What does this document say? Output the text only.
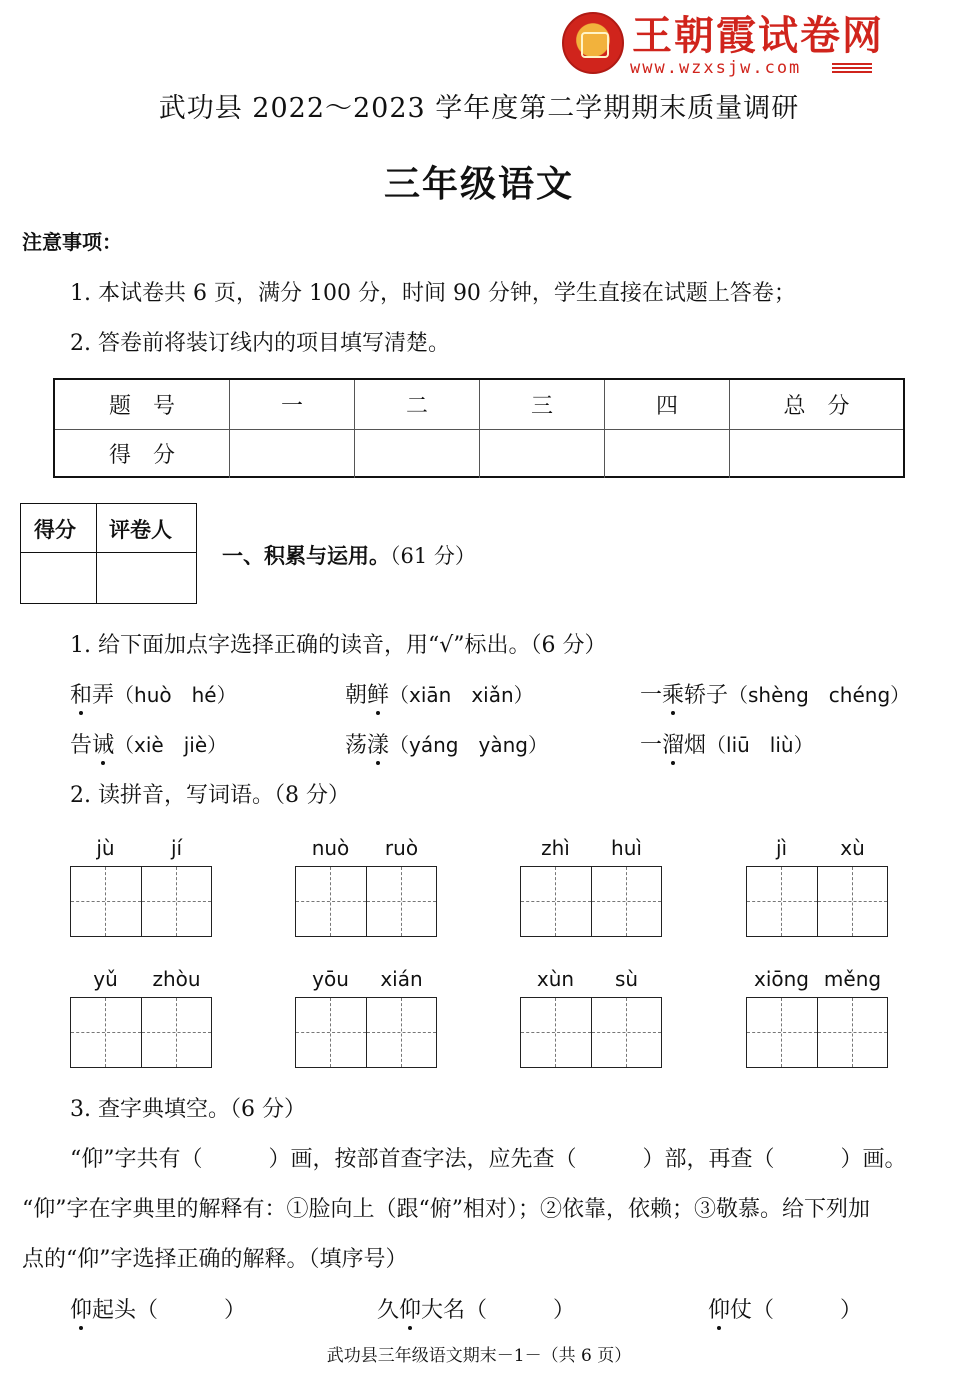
王朝霞试卷网
www.wzxsjw.com
武功县 2022～2023 学年度第二学期期末质量调研
三年级语文
注意事项：
1. 本试卷共 6 页，满分 100 分，时间 90 分钟，学生直接在试题上答卷；
2. 答卷前将装订线内的项目填写清楚。
题　号	一	二	三	四	总　分
得　分
得分 评卷人
一、积累与运用。（61 分）
1. 给下面加点字选择正确的读音，用“√”标出。（6 分）
和弄（huò　hé）	朝鲜（xiān　xiǎn）	一乘轿子（shèng　chéng）
告诫（xiè　jiè）	荡漾（yáng　yàng）	一溜烟（liū　liù）
2. 读拼音，写词语。（8 分）
jù	jí	nuò	ruò	zhì	huì	jì	xù
yǔ	zhòu	yōu	xián	xùn	sù	xiōng měng
3. 查字典填空。（6 分）
“仰”字共有（　　　）画，按部首查字法，应先查（　　　）部，再查（　　　）画。
“仰”字在字典里的解释有：①脸向上（跟“俯”相对）；②依靠，依赖；③敬慕。给下列加
点的“仰”字选择正确的解释。（填序号）
仰起头（　　　）	久仰大名（　　　）	仰仗（　　　）
武功县三年级语文期末－1－（共 6 页）
